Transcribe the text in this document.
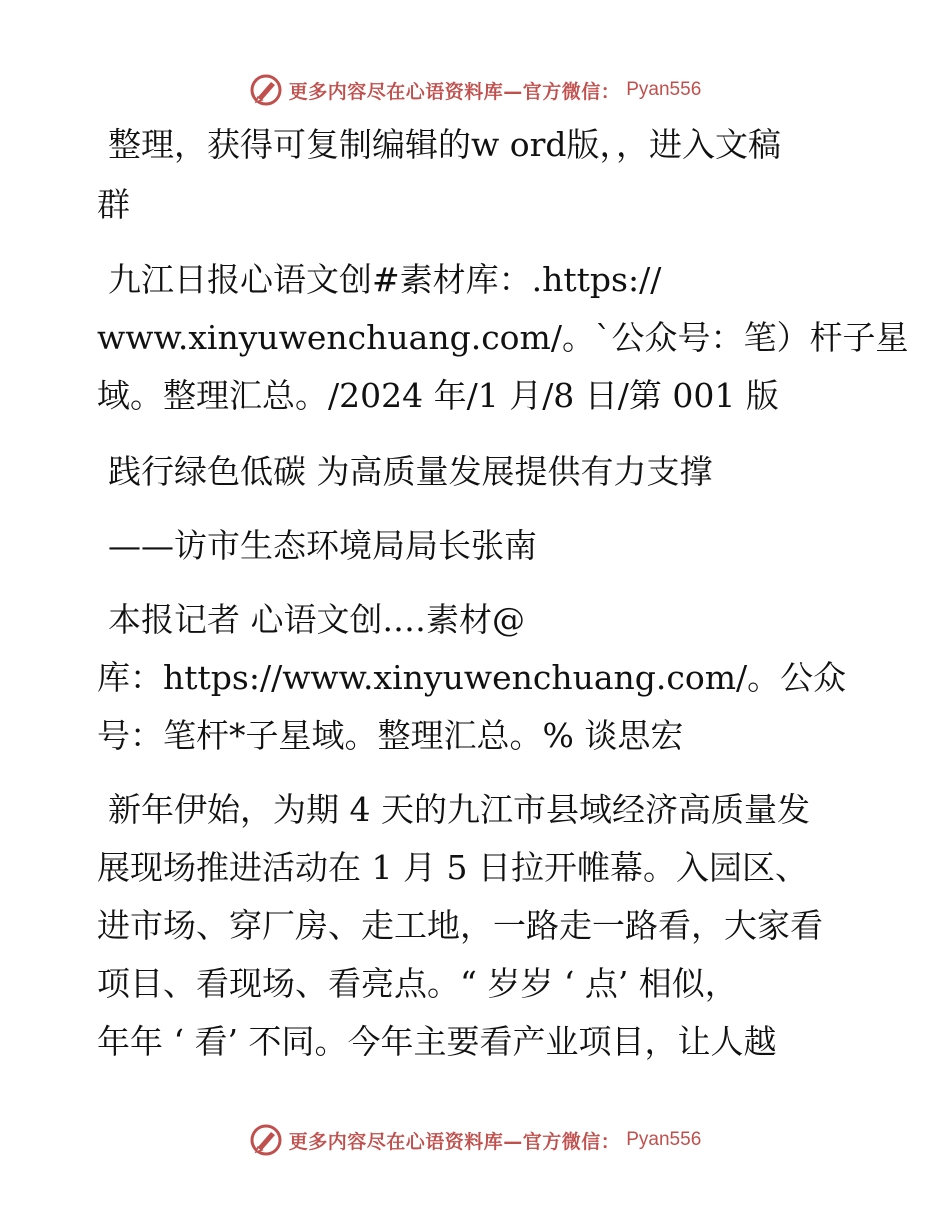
更多内容尽在心语资料库—官方微信： Pyan556
整理，获得可复制编辑的w ord版，，进入文稿
群
九江日报心语文创#素材库：.https://
www.xinyuwenchuang.com/。`公众号：笔）杆子星
域。整理汇总。/2024 年/1 月/8 日/第 001 版
践行绿色低碳 为高质量发展提供有力支撑
——访市生态环境局局长张南
本报记者 心语文创.…素材@
库：https://www.xinyuwenchuang.com/。公众
号：笔杆*子星域。整理汇总。% 谈思宏
新年伊始，为期 4 天的九江市县域经济高质量发
展现场推进活动在 1 月 5 日拉开帷幕。入园区、
进市场、穿厂房、走工地，一路走一路看，大家看
项目、看现场、看亮点。“ 岁岁 ‘ 点’ 相似，
年年 ‘ 看’ 不同。今年主要看产业项目，让人越
更多内容尽在心语资料库—官方微信： Pyan556
